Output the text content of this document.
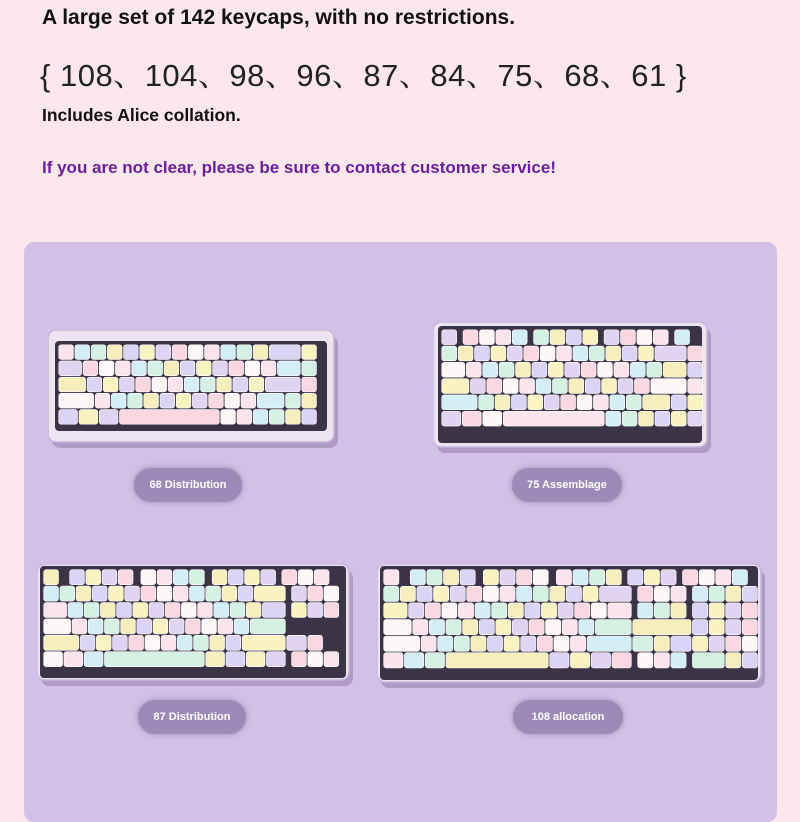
A large set of 142 keycaps, with no restrictions.
{ 108、104、98、96、87、84、75、68、61 }
Includes Alice collation.
If you are not clear, please be sure to contact customer service!
68 Distribution	75 Assemblage
87 Distribution	108 allocation
